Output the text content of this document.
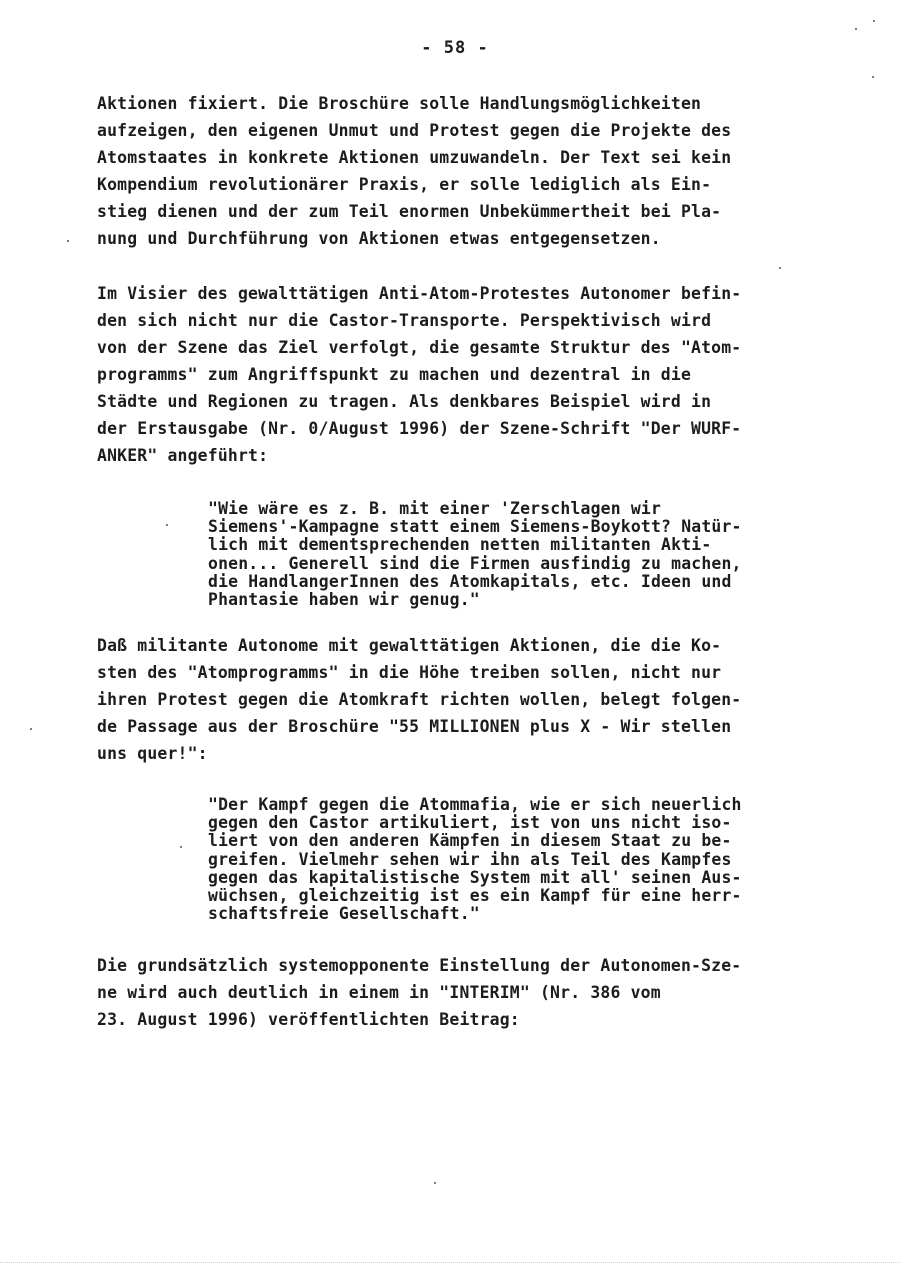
- 58 -
Aktionen fixiert. Die Broschüre solle Handlungsmöglichkeiten
aufzeigen, den eigenen Unmut und Protest gegen die Projekte des
Atomstaates in konkrete Aktionen umzuwandeln. Der Text sei kein
Kompendium revolutionärer Praxis, er solle lediglich als Ein-
stieg dienen und der zum Teil enormen Unbekümmertheit bei Pla-
nung und Durchführung von Aktionen etwas entgegensetzen.
Im Visier des gewalttätigen Anti-Atom-Protestes Autonomer befin-
den sich nicht nur die Castor-Transporte. Perspektivisch wird
von der Szene das Ziel verfolgt, die gesamte Struktur des "Atom-
programms" zum Angriffspunkt zu machen und dezentral in die
Städte und Regionen zu tragen. Als denkbares Beispiel wird in
der Erstausgabe (Nr. 0/August 1996) der Szene-Schrift "Der WURF-
ANKER" angeführt:
"Wie wäre es z. B. mit einer 'Zerschlagen wir
Siemens'-Kampagne statt einem Siemens-Boykott? Natür-
lich mit dementsprechenden netten militanten Akti-
onen... Generell sind die Firmen ausfindig zu machen,
die HandlangerInnen des Atomkapitals, etc. Ideen und
Phantasie haben wir genug."
Daß militante Autonome mit gewalttätigen Aktionen, die die Ko-
sten des "Atomprogramms" in die Höhe treiben sollen, nicht nur
ihren Protest gegen die Atomkraft richten wollen, belegt folgen-
de Passage aus der Broschüre "55 MILLIONEN plus X - Wir stellen
uns quer!":
"Der Kampf gegen die Atommafia, wie er sich neuerlich
gegen den Castor artikuliert, ist von uns nicht iso-
liert von den anderen Kämpfen in diesem Staat zu be-
greifen. Vielmehr sehen wir ihn als Teil des Kampfes
gegen das kapitalistische System mit all' seinen Aus-
wüchsen, gleichzeitig ist es ein Kampf für eine herr-
schaftsfreie Gesellschaft."
Die grundsätzlich systemopponente Einstellung der Autonomen-Sze-
ne wird auch deutlich in einem in "INTERIM" (Nr. 386 vom
23. August 1996) veröffentlichten Beitrag:
